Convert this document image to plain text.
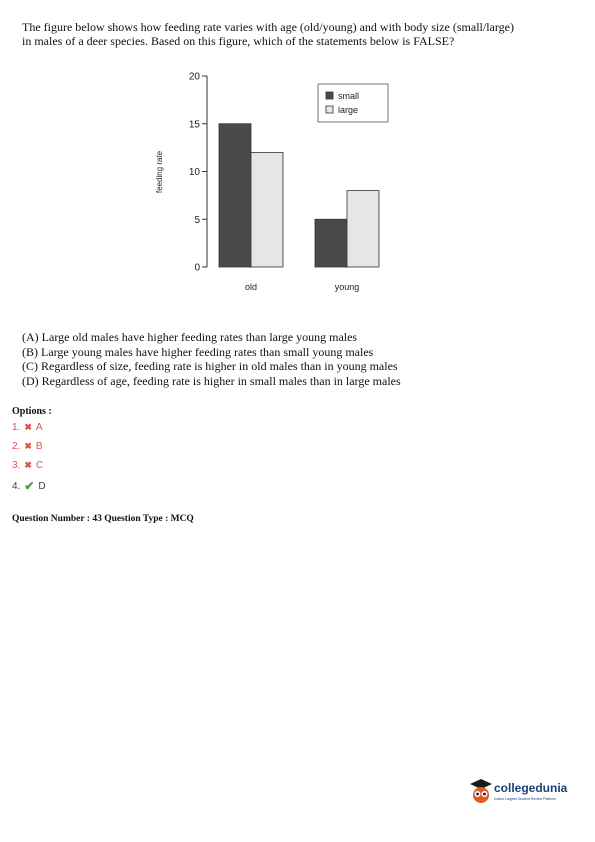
The figure below shows how feeding rate varies with age (old/young) and with body size (small/large) in males of a deer species. Based on this figure, which of the statements below is FALSE?
0
5
10
15
20
feeding rate
old	young
small
large
(A) Large old males have higher feeding rates than large young males
(B) Large young males have higher feeding rates than small young males
(C) Regardless of size, feeding rate is higher in old males than in young males
(D) Regardless of age, feeding rate is higher in small males than in large males
Options :
1. ✖ A
2. ✖ B
3. ✖ C
4. ✔ D
Question Number : 43 Question Type : MCQ
collegedunia
India's Largest Student Review Platform
